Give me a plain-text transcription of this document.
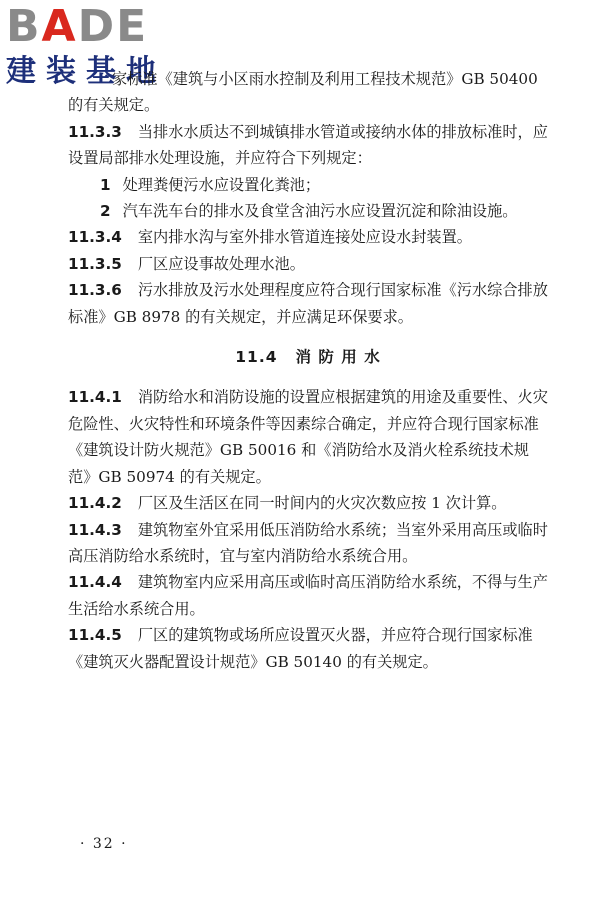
BADE
建装基地

家标准《建筑与小区雨水控制及利用工程技术规范》GB 50400
的有关规定。

11.3.3 当排水水质达不到城镇排水管道或接纳水体的排放标准时，应设置局部排水处理设施，并应符合下列规定：

1 处理粪便污水应设置化粪池；

2 汽车洗车台的排水及食堂含油污水应设置沉淀和除油设施。

11.3.4 室内排水沟与室外排水管道连接处应设水封装置。

11.3.5 厂区应设事故处理水池。

11.3.6 污水排放及污水处理程度应符合现行国家标准《污水综合排放标准》GB 8978 的有关规定，并应满足环保要求。

11.4 消 防 用 水

11.4.1 消防给水和消防设施的设置应根据建筑的用途及重要性、火灾危险性、火灾特性和环境条件等因素综合确定，并应符合现行国家标准《建筑设计防火规范》GB 50016 和《消防给水及消火栓系统技术规范》GB 50974 的有关规定。

11.4.2 厂区及生活区在同一时间内的火灾次数应按 1 次计算。

11.4.3 建筑物室外宜采用低压消防给水系统；当室外采用高压或临时高压消防给水系统时，宜与室内消防给水系统合用。

11.4.4 建筑物室内应采用高压或临时高压消防给水系统，不得与生产生活给水系统合用。

11.4.5 厂区的建筑物或场所应设置灭火器，并应符合现行国家标准《建筑灭火器配置设计规范》GB 50140 的有关规定。

· 32 ·
